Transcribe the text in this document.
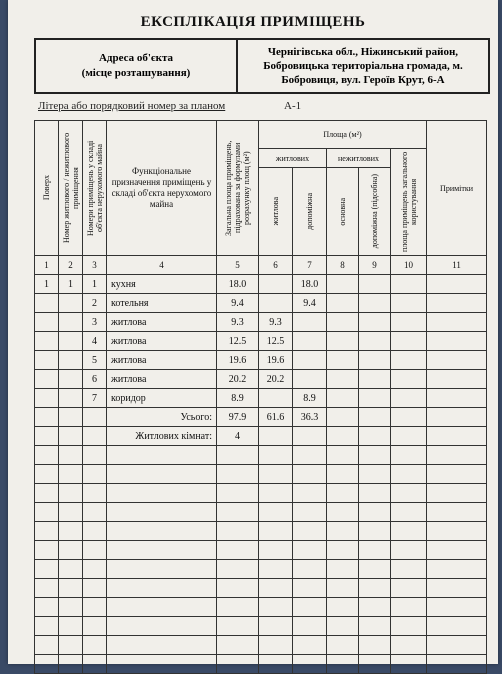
ЕКСПЛІКАЦІЯ ПРИМІЩЕНЬ
Адреса об'єкта
(місце розташування)
Чернігівська обл., Ніжинський район, Бобровицька територіальна громада, м. Бобровиця, вул. Героїв Крут, 6-А
Літера або порядковий номер за планом	А-1
Поверх	Номер житлового / нежитлового приміщення	Номери приміщень у складі об'єкта нерухомого майна	Функціональне призначення приміщень у складі об'єкта нерухомого майна	Загальна площа приміщень, підрахована за формулами розрахунку площ (м²)	Площа (м²)					Примітки
					житлових		нежитлових		площа приміщень загального користування	

					житлова	допоміжна	основна	допоміжна (підсобна)		

1	2	3	4	5	6	7	8	9	10	11
1	1	1	кухня	18.0		18.0				
		2	котельня	9.4		9.4				
		3	житлова	9.3	9.3					
		4	житлова	12.5	12.5					
		5	житлова	19.6	19.6					
		6	житлова	20.2	20.2					
		7	коридор	8.9		8.9				
			Усього:	97.9	61.6	36.3				
			Житлових кімнат:	4						
